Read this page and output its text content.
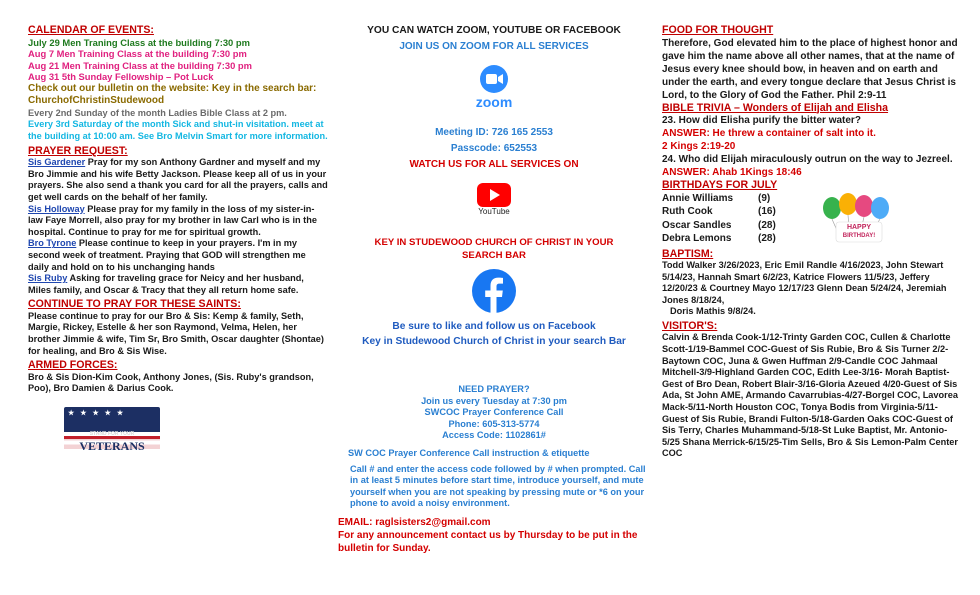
CALENDAR OF EVENTS:

July 29 Men Traning Class at the building 7:30 pm

Aug 7 Men Training Class at the building 7:30 pm

Aug 21 Men Training Class at the building 7:30 pm

Aug 31 5th Sunday Fellowship – Pot Luck

Check out our bulletin on the website: Key in the search bar: ChurchofChristinStudewood

Every 2nd Sunday of the month Ladies Bible Class at 2 pm.

Every 3rd Saturday of the month Sick and shut-in visitation. meet at the building at 10:00 am. See Bro Melvin Smart for more information.

PRAYER REQUEST:

Sis Gardener Pray for my son Anthony Gardner and myself and my Bro Jimmie and his wife Betty Jackson. Please keep all of us in your prayers. She also send a thank you card for all the prayers, calls and get well cards on the behalf of her family.

Sis Holloway Please pray for my family in the loss of my sister-in-law Faye Morrell, also pray for my brother in law Carl who is in the hospital. Continue to pray for me for spiritual growth.

Bro Tyrone Please continue to keep in your prayers. I'm in my second week of treatment. Praying that GOD will strengthen me daily and hold on to his unchanging hands

Sis Ruby Asking for traveling grace for Neicy and her husband, Miles family, and Oscar & Tracy that they all return home safe.

CONTINUE TO PRAY FOR THESE SAINTS:

Please continue to pray for our Bro & Sis: Kemp & family, Seth, Margie, Rickey, Estelle & her son Raymond, Velma, Helen, her brother Jimmie & wife, Tim Sr, Bro Smith, Oscar daughter (Shontae) for healing, and Bro & Sis Wise.

ARMED FORCES:

Bro & Sis Dion-Kim Cook, Anthony Jones, (Sis. Ruby's grandson, Poo), Bro Damien & Darius Cook.

★ ★ ★ ★ ★
STAND FOR YOUR
VETERANS

YOU CAN WATCH ZOOM, YOUTUBE OR FACEBOOK

JOIN US ON ZOOM FOR ALL SERVICES

zoom

Meeting ID: 726 165 2553

Passcode: 652553

WATCH US FOR ALL SERVICES ON

YouTube

KEY IN STUDEWOOD CHURCH OF CHRIST IN YOUR SEARCH BAR

Be sure to like and follow us on Facebook

Key in Studewood Church of Christ in your search Bar

NEED PRAYER?

Join us every Tuesday at 7:30 pm

SWCOC Prayer Conference Call

Phone: 605-313-5774

Access Code: 1102861#

SW COC Prayer Conference Call instruction & etiquette

Call # and enter the access code followed by # when prompted. Call in at least 5 minutes before start time, introduce yourself, and mute yourself when you are not speaking by pressing mute or *6 on your phone to avoid a noisy environment.

EMAIL: raglsisters2@gmail.com

For any announcement contact us by Thursday to be put in the bulletin for Sunday.

FOOD FOR THOUGHT

Therefore, God elevated him to the place of highest honor and gave him the name above all other names, that at the name of Jesus every knee should bow, in heaven and on earth and under the earth, and every tongue declare that Jesus Christ is Lord, to the Glory of God the Father. Phil 2:9-11

BIBLE TRIVIA – Wonders of Elijah and Elisha

23. How did Elisha purify the bitter water?

ANSWER: He threw a container of salt into it.

2 Kings 2:19-20

24. Who did Elijah miraculously outrun on the way to Jezreel.

ANSWER: Ahab 1Kings 18:46

BIRTHDAYS FOR JULY
Annie Williams	(9)
Ruth Cook	(16)
Oscar Sandles	(28)
Debra Lemons	(28)
HAPPY
BIRTHDAY!
BAPTISM:

Todd Walker 3/26/2023, Eric Emil Randle 4/16/2023, John Stewart 5/14/23, Hannah Smart 6/2/23, Katrice Flowers 11/5/23, Jeffery 12/20/23 & Courtney Mayo 12/17/23 Glenn Dean 5/24/24, Jeremiah Jones 8/18/24,

Doris Mathis 9/8/24.

VISITOR'S:

Calvin & Brenda Cook-1/12-Trinty Garden COC, Cullen & Charlotte Scott-1/19-Bammel COC-Guest of Sis Rubie, Bro & Sis Turner 2/2-Baytown COC, Juna & Gwen Huffman 2/9-Candle COC Jahmaal Mitchell-3/9-Highland Garden COC, Edith Lee-3/16- Morah Baptist-Gest of Bro Dean, Robert Blair-3/16-Gloria Azeued 4/20-Guest of Sis Ada, St John AME, Armando Cavarrubias-4/27-Borgel COC, Lavorea Mack-5/11-North Houston COC, Tonya Bodis from Virginia-5/11-Guest of Sis Rubie, Brandi Fulton-5/18-Garden Oaks COC-Guest of Sis Terry, Charles Muhammand-5/18-St Luke Baptist, Mr. Antonio-5/25 Shana Merrick-6/15/25-Tim Sells, Bro & Sis Lemon-Palm Center COC
